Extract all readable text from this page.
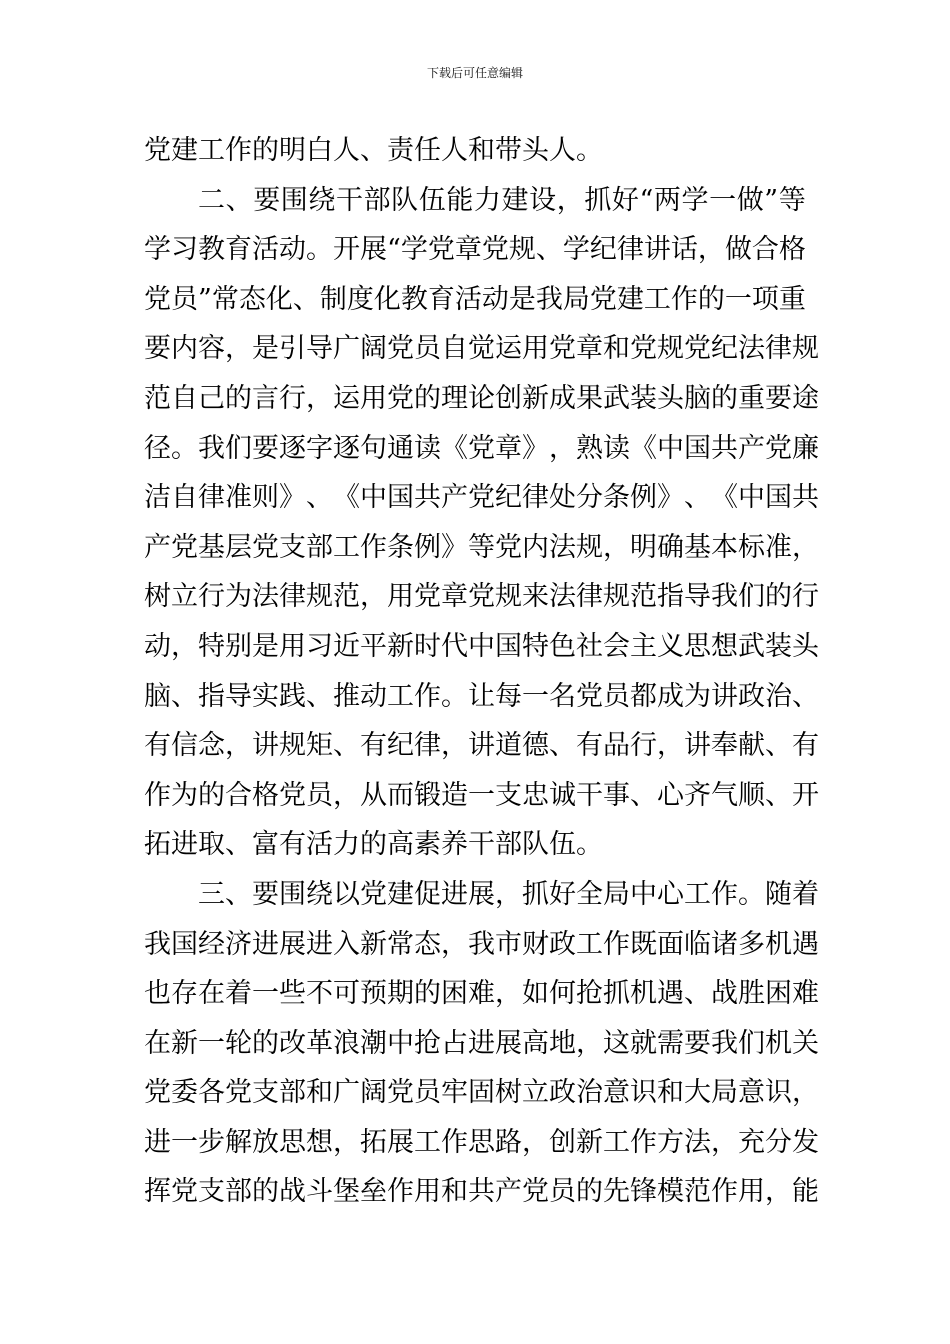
下载后可任意编辑
党建工作的明白人、责任人和带头人。
二 、 要 围 绕 干 部 队 伍 能 力 建 设 ， 抓 好 “ 两 学 一 做 ” 等
学 习 教 育 活 动 。 开 展 “ 学 党 章 党 规 、 学 纪 律 讲 话 ， 做 合 格
党 员 ” 常 态 化 、 制 度 化 教 育 活 动 是 我 局 党 建 工 作 的 一 项 重
要 内 容 ， 是 引 导 广 阔 党 员 自 觉 运 用 党 章 和 党 规 党 纪 法 律 规
范 自 己 的 言 行 ， 运 用 党 的 理 论 创 新 成 果 武 装 头 脑 的 重 要 途
径 。 我 们 要 逐 字 逐 句 通 读 《 党 章 》 ， 熟 读 《 中 国 共 产 党 廉
洁 自 律 准 则 》 、 《 中 国 共 产 党 纪 律 处 分 条 例 》 、 《 中 国 共
产 党 基 层 党 支 部 工 作 条 例 》 等 党 内 法 规 ， 明 确 基 本 标 准 ，
树 立 行 为 法 律 规 范 ， 用 党 章 党 规 来 法 律 规 范 指 导 我 们 的 行
动 ， 特 别 是 用 习 近 平 新 时 代 中 国 特 色 社 会 主 义 思 想 武 装 头
脑 、 指 导 实 践 、 推 动 工 作 。 让 每 一 名 党 员 都 成 为 讲 政 治 、
有 信 念 ， 讲 规 矩 、 有 纪 律 ， 讲 道 德 、 有 品 行 ， 讲 奉 献 、 有
作 为 的 合 格 党 员 ， 从 而 锻 造 一 支 忠 诚 干 事 、 心 齐 气 顺 、 开
拓进取、富有活力的高素养干部队伍。
三 、 要 围 绕 以 党 建 促 进 展 ， 抓 好 全 局 中 心 工 作 。 随 着
我 国 经 济 进 展 进 入 新 常 态 ， 我 市 财 政 工 作 既 面 临 诸 多 机 遇
也 存 在 着 一 些 不 可 预 期 的 困 难 ， 如 何 抢 抓 机 遇 、 战 胜 困 难
在 新 一 轮 的 改 革 浪 潮 中 抢 占 进 展 高 地 ， 这 就 需 要 我 们 机 关
党 委 各 党 支 部 和 广 阔 党 员 牢 固 树 立 政 治 意 识 和 大 局 意 识 ，
进 一 步 解 放 思 想 ， 拓 展 工 作 思 路 ， 创 新 工 作 方 法 ， 充 分 发
挥 党 支 部 的 战 斗 堡 垒 作 用 和 共 产 党 员 的 先 锋 模 范 作 用 ， 能
